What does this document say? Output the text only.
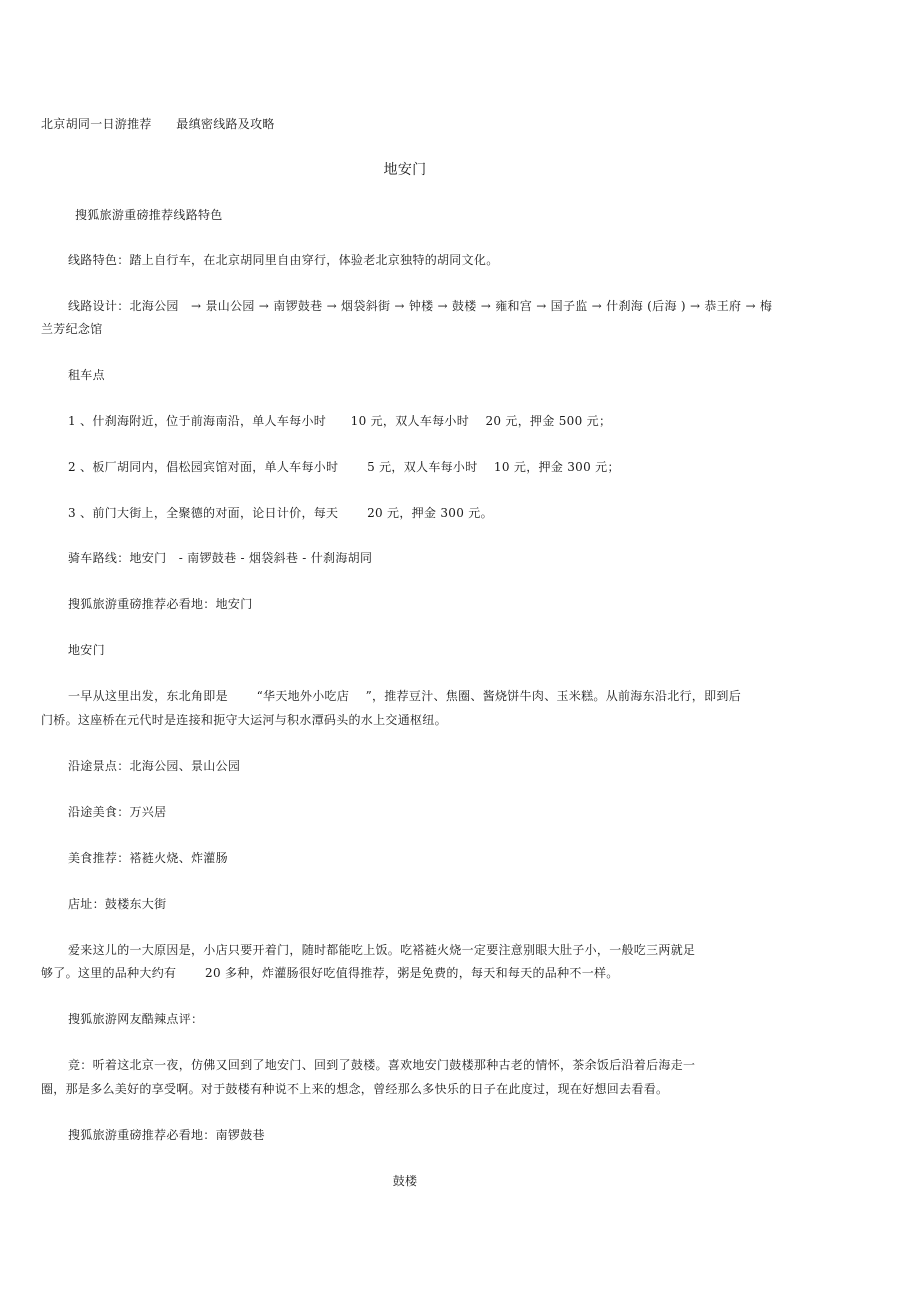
北京胡同一日游推荐　　最缜密线路及攻略
地安门
搜狐旅游重磅推荐线路特色
线路特色：踏上自行车，在北京胡同里自由穿行，体验老北京独特的胡同文化。
线路设计：北海公园　→ 景山公园 → 南锣鼓巷 → 烟袋斜街 → 钟楼 → 鼓楼 → 雍和宫 → 国子监 → 什刹海 (后海 ) → 恭王府 → 梅
兰芳纪念馆
租车点
1 、什刹海附近，位于前海南沿，单人车每小时　　10 元，双人车每小时　 20 元，押金 500 元；
2 、板厂胡同内，倡松园宾馆对面，单人车每小时　　 5 元，双人车每小时　 10 元，押金 300 元；
3 、前门大街上，全聚德的对面，论日计价，每天　　 20 元，押金 300 元。
骑车路线：地安门　- 南锣鼓巷 - 烟袋斜巷 - 什刹海胡同
搜狐旅游重磅推荐必看地：地安门
地安门
一早从这里出发，东北角即是　　 “华天地外小吃店　 ”，推荐豆汁、焦圈、酱烧饼牛肉、玉米糕。从前海东沿北行，即到后
门桥。这座桥在元代时是连接和扼守大运河与积水潭码头的水上交通枢纽。
沿途景点：北海公园、景山公园
沿途美食：万兴居
美食推荐：褡裢火烧、炸灌肠
店址：鼓楼东大街
爱来这儿的一大原因是，小店只要开着门，随时都能吃上饭。吃褡裢火烧一定要注意别眼大肚子小，一般吃三两就足
够了。这里的品种大约有　　 20 多种，炸灌肠很好吃值得推荐，粥是免费的，每天和每天的品种不一样。
搜狐旅游网友酷辣点评：
竞：听着这北京一夜，仿佛又回到了地安门、回到了鼓楼。喜欢地安门鼓楼那种古老的情怀，茶余饭后沿着后海走一
圈，那是多么美好的享受啊。对于鼓楼有种说不上来的想念，曾经那么多快乐的日子在此度过，现在好想回去看看。
搜狐旅游重磅推荐必看地：南锣鼓巷
鼓楼
